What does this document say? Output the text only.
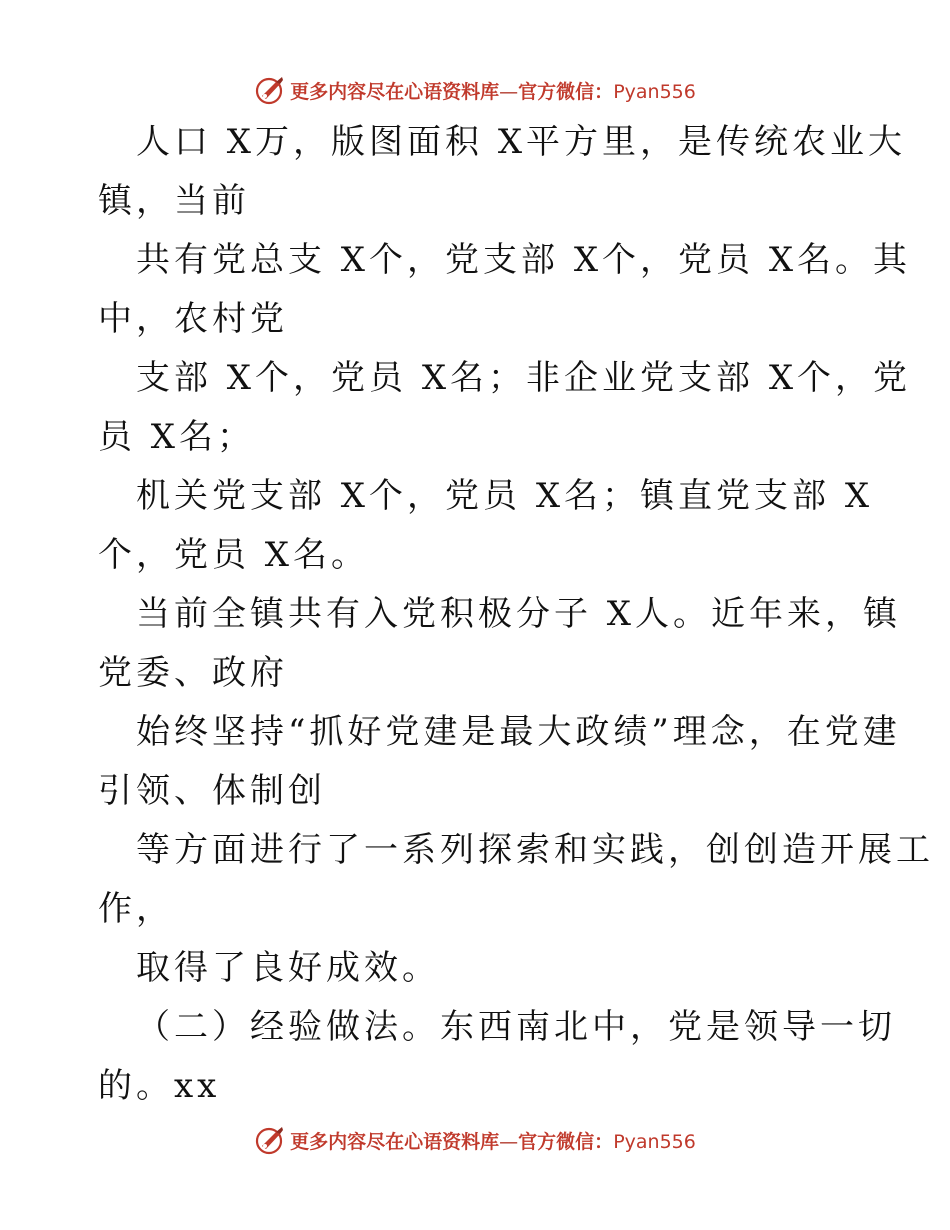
更多内容尽在心语资料库—官方微信：Pyan556
人口 X万，版图面积 X平方里，是传统农业大
镇，当前
共有党总支 X个，党支部 X个，党员 X名。其
中，农村党
支部 X个，党员 X名；非企业党支部 X个，党
员 X名；
机关党支部 X个，党员 X名；镇直党支部 X
个，党员 X名。
当前全镇共有入党积极分子 X人。近年来，镇
党委、政府
始终坚持“抓好党建是最大政绩”理念，在党建
引领、体制创
等方面进行了一系列探索和实践，创创造开展工
作，
取得了良好成效。
（二）经验做法。东西南北中，党是领导一切
的。xx
更多内容尽在心语资料库—官方微信：Pyan556
